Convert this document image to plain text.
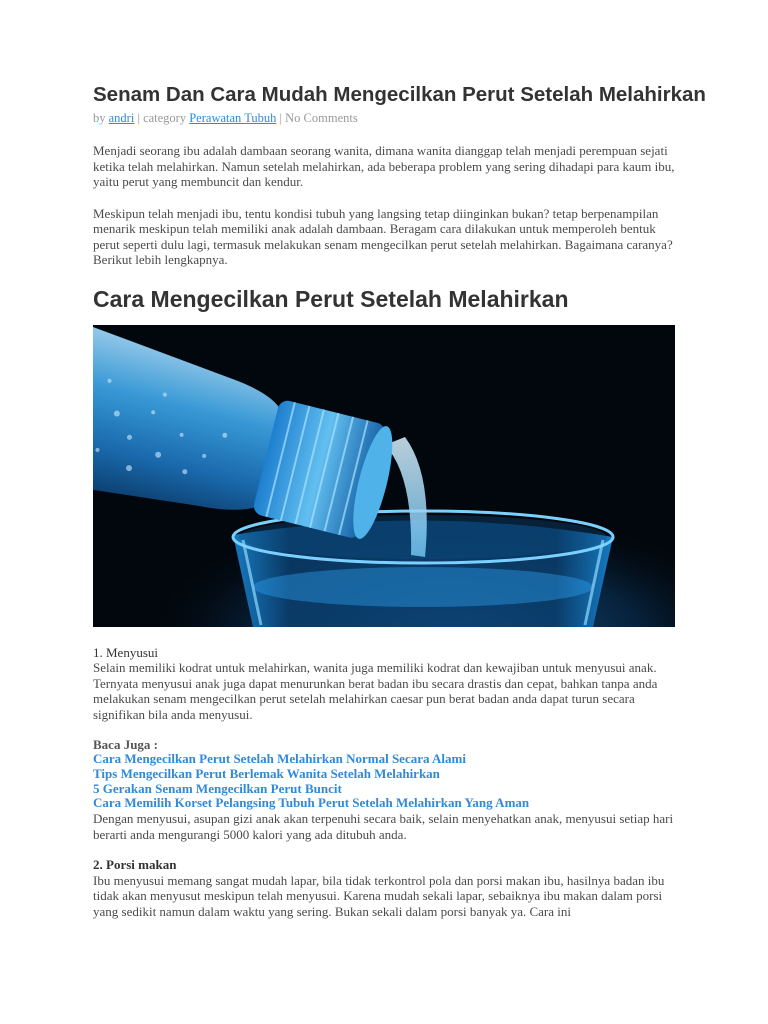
Senam Dan Cara Mudah Mengecilkan Perut Setelah Melahirkan
by andri | category Perawatan Tubuh | No Comments

Menjadi seorang ibu adalah dambaan seorang wanita, dimana wanita dianggap telah menjadi perempuan sejati ketika telah melahirkan. Namun setelah melahirkan, ada beberapa problem yang sering dihadapi para kaum ibu, yaitu perut yang membuncit dan kendur.

Meskipun telah menjadi ibu, tentu kondisi tubuh yang langsing tetap diinginkan bukan? tetap berpenampilan menarik meskipun telah memiliki anak adalah dambaan. Beragam cara dilakukan untuk memperoleh bentuk perut seperti dulu lagi, termasuk melakukan senam mengecilkan perut setelah melahirkan. Bagaimana caranya? Berikut lebih lengkapnya.

Cara Mengecilkan Perut Setelah Melahirkan

1. Menyusui

Selain memiliki kodrat untuk melahirkan, wanita juga memiliki kodrat dan kewajiban untuk menyusui anak. Ternyata menyusui anak juga dapat menurunkan berat badan ibu secara drastis dan cepat, bahkan tanpa anda melakukan senam mengecilkan perut setelah melahirkan caesar pun berat badan anda dapat turun secara signifikan bila anda menyusui.

Baca Juga :

Cara Mengecilkan Perut Setelah Melahirkan Normal Secara Alami
Tips Mengecilkan Perut Berlemak Wanita Setelah Melahirkan
5 Gerakan Senam Mengecilkan Perut Buncit
Cara Memilih Korset Pelangsing Tubuh Perut Setelah Melahirkan Yang Aman

Dengan menyusui, asupan gizi anak akan terpenuhi secara baik, selain menyehatkan anak, menyusui setiap hari berarti anda mengurangi 5000 kalori yang ada ditubuh anda.

2. Porsi makan

Ibu menyusui memang sangat mudah lapar, bila tidak terkontrol pola dan porsi makan ibu, hasilnya badan ibu tidak akan menyusut meskipun telah menyusui. Karena mudah sekali lapar, sebaiknya ibu makan dalam porsi yang sedikit namun dalam waktu yang sering. Bukan sekali dalam porsi banyak ya. Cara ini
